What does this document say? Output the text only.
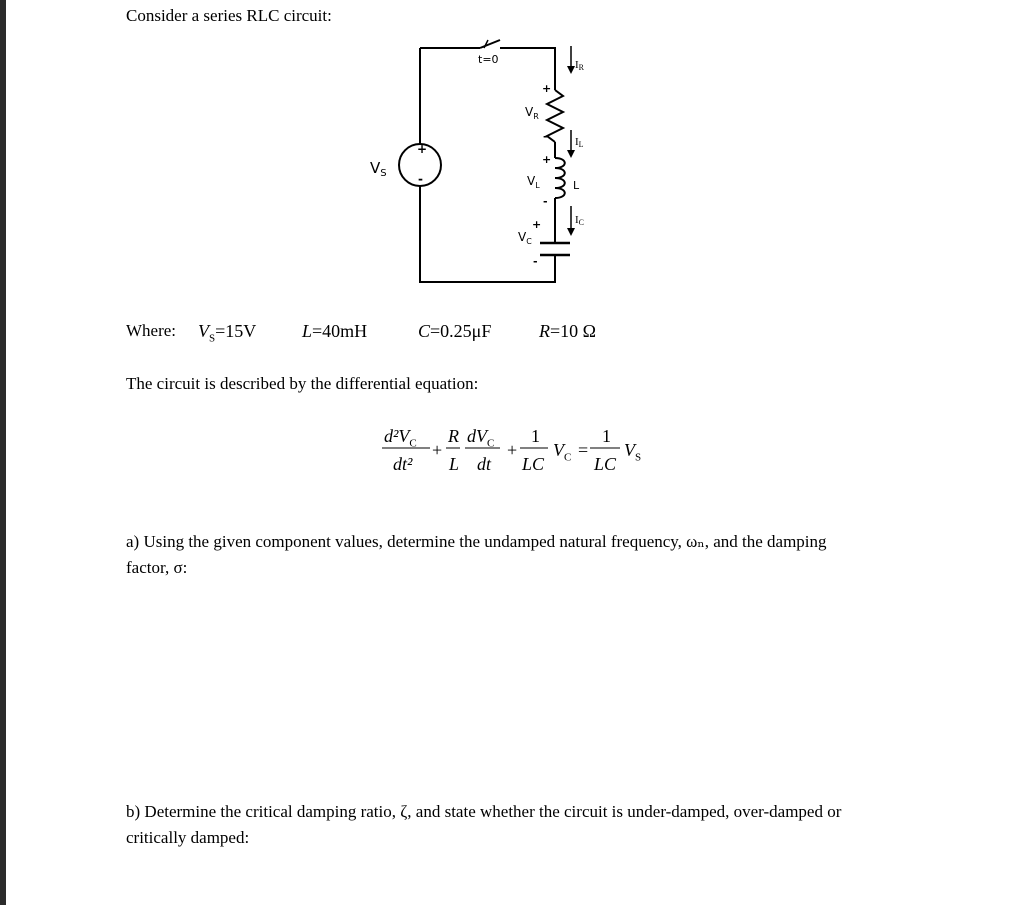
Consider a series RLC circuit:
t=0
+
-
$V_S$
+
$V_R$
-
+
$V_L$
-
L
+
$V_C$
-
IR
IL
IC
Where: $V_S=15V$	L=40mH	C=0.25μF	R=10 Ω
The circuit is described by the differential equation:
$d^2V_C$ R $dV_C$ 1	1
+	+ $V_C = V_S$
dt² L dt LC	LC
a) Using the given component values, determine the undamped natural frequency, ωₙ, and the damping
factor, σ:
b) Determine the critical damping ratio, ζ, and state whether the circuit is under-damped, over-damped or
critically damped:
